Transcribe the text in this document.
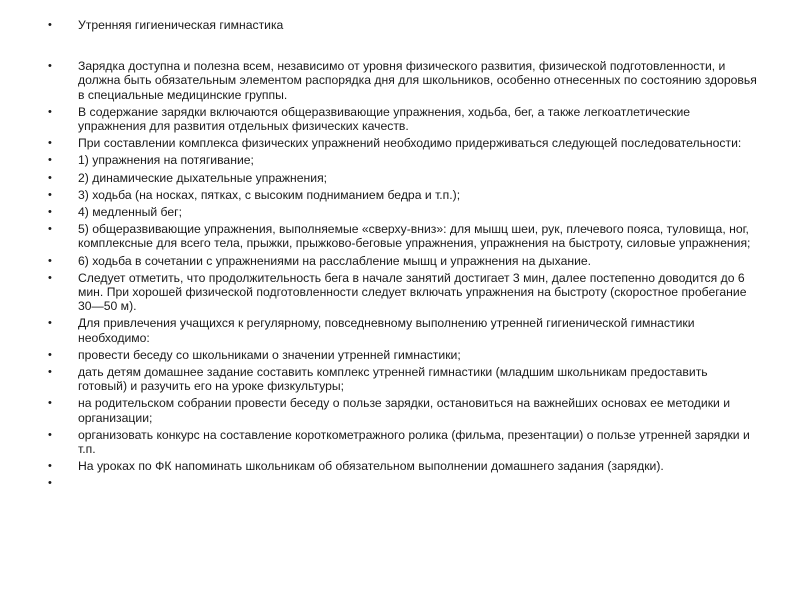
• Утренняя гигиеническая гимнастика
• Зарядка доступна и полезна всем, независимо от уровня физического развития, физической подготовленности, и должна быть обязательным элементом распорядка дня для школьников, особенно отнесенных по состоянию здоровья в специальные медицинские группы.
• В содержание зарядки включаются общеразвивающие упражнения, ходьба, бег, а также легкоатлетические упражнения для развития отдельных физических качеств.
• При составлении комплекса физических упражнений необходимо придерживаться следующей последовательности:
• 1) упражнения на потягивание;
• 2) динамические дыхательные упражнения;
• 3) ходьба (на носках, пятках, с высоким подниманием бедра и т.п.);
• 4) медленный бег;
• 5) общеразвивающие упражнения, выполняемые «сверху-вниз»: для мышц шеи, рук, плечевого пояса, туловища, ног, комплексные для всего тела, прыжки, прыжково-беговые упражнения, упражнения на быстроту, силовые упражнения;
• 6) ходьба в сочетании с упражнениями на расслабление мышц и упражнения на дыхание.
• Следует отметить, что продолжительность бега в начале занятий достигает 3 мин, далее постепенно доводится до 6 мин. При хорошей физической подготовленности следует включать упражнения на быстроту (скоростное пробегание 30—50 м).
• Для привлечения учащихся к регулярному, повседневному выполнению утренней гигиенической гимнастики необходимо:
• провести беседу со школьниками о значении утренней гимнастики;
• дать детям домашнее задание составить комплекс утренней гимнастики (младшим школьникам предоставить готовый) и разучить его на уроке физкультуры;
• на родительском собрании провести беседу о пользе зарядки, остановиться на важнейших основах ее методики и организации;
• организовать конкурс на составление короткометражного ролика (фильма, презентации) о пользе утренней зарядки и т.п.
• На уроках по ФК напоминать школьникам об обязательном выполнении домашнего задания (зарядки).
•
